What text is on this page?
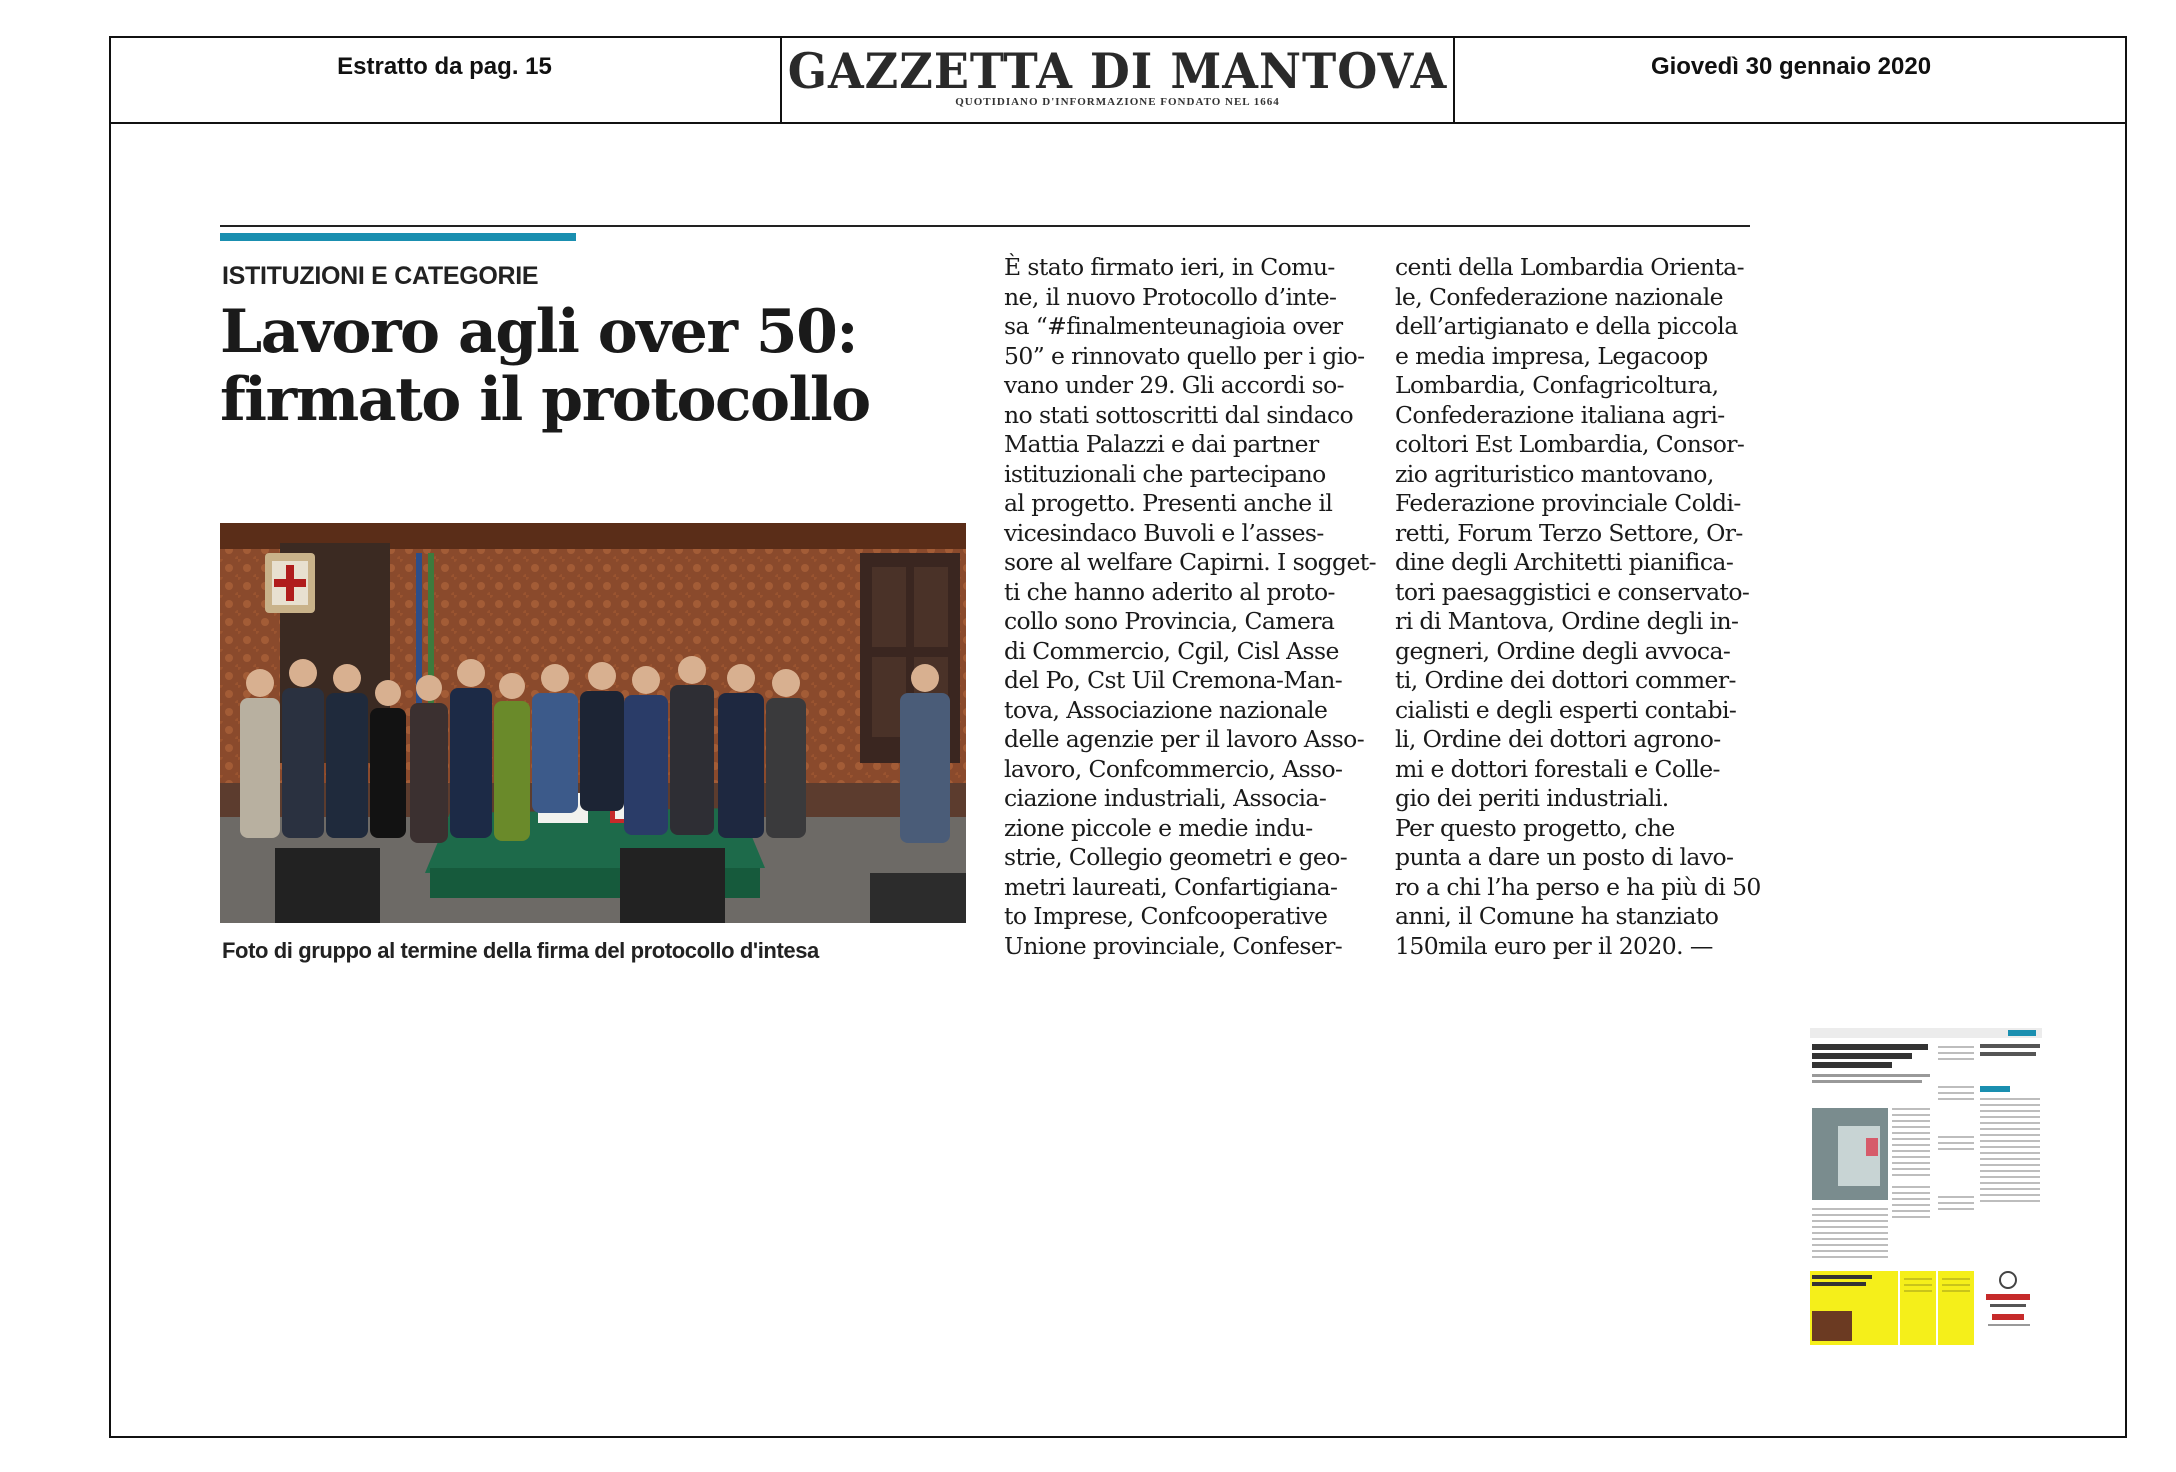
Estratto da pag. 15	GAZZETTA DI MANTOVA
QUOTIDIANO D'INFORMAZIONE FONDATO NEL 1664
Giovedì 30 gennaio 2020
ISTITUZIONI E CATEGORIE
Lavoro agli over 50:
firmato il protocollo
Foto di gruppo al termine della firma del protocollo d'intesa
È stato firmato ieri, in Comu-
ne, il nuovo Protocollo d’inte-
sa “#finalmenteunagioia over
50” e rinnovato quello per i gio-
vano under 29. Gli accordi so-
no stati sottoscritti dal sindaco
Mattia Palazzi e dai partner
istituzionali che partecipano
al progetto. Presenti anche il
vicesindaco Buvoli e l’asses-
sore al welfare Capirni. I sogget-
ti che hanno aderito al proto-
collo sono Provincia, Camera
di Commercio, Cgil, Cisl Asse
del Po, Cst Uil Cremona-Man-
tova, Associazione nazionale
delle agenzie per il lavoro Asso-
lavoro, Confcommercio, Asso-
ciazione industriali, Associa-
zione piccole e medie indu-
strie, Collegio geometri e geo-
metri laureati, Confartigiana-
to Imprese, Confcooperative
Unione provinciale, Confeser-
centi della Lombardia Orienta-
le, Confederazione nazionale
dell’artigianato e della piccola
e media impresa, Legacoop
Lombardia, Confagricoltura,
Confederazione italiana agri-
coltori Est Lombardia, Consor-
zio agrituristico mantovano,
Federazione provinciale Coldi-
retti, Forum Terzo Settore, Or-
dine degli Architetti pianifica-
tori paesaggistici e conservato-
ri di Mantova, Ordine degli in-
gegneri, Ordine degli avvoca-
ti, Ordine dei dottori commer-
cialisti e degli esperti contabi-
li, Ordine dei dottori agrono-
mi e dottori forestali e Colle-
gio dei periti industriali.
Per questo progetto, che
punta a dare un posto di lavo-
ro a chi l’ha perso e ha più di 50
anni, il Comune ha stanziato
150mila euro per il 2020. —
